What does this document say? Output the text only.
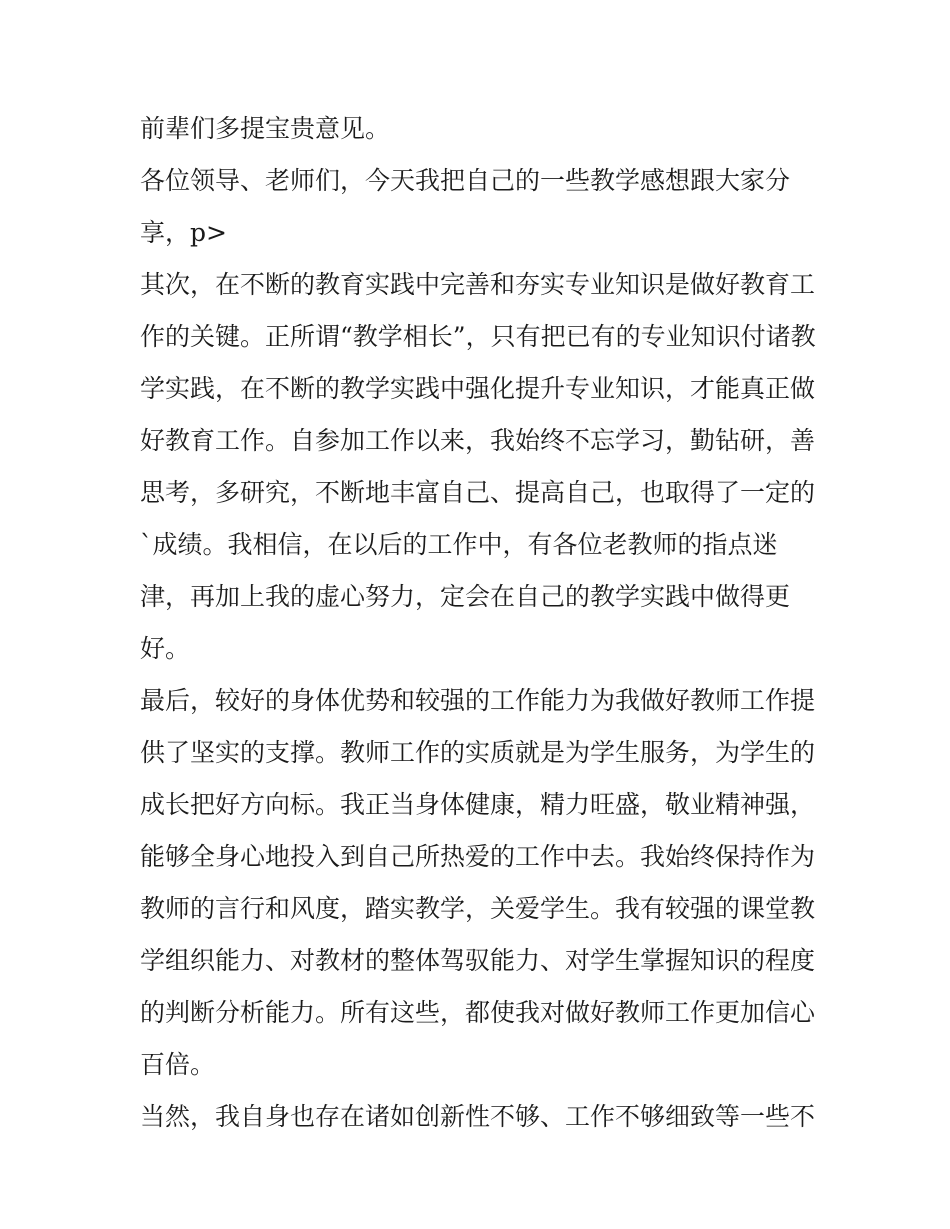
前辈们多提宝贵意见。
各位领导、老师们，今天我把自己的一些教学感想跟大家分
享，p>
其次，在不断的教育实践中完善和夯实专业知识是做好教育工
作的关键。正所谓“教学相长”，只有把已有的专业知识付诸教
学实践，在不断的教学实践中强化提升专业知识，才能真正做
好教育工作。自参加工作以来，我始终不忘学习，勤钻研，善
思考，多研究，不断地丰富自己、提高自己，也取得了一定的
`成绩。我相信，在以后的工作中，有各位老教师的指点迷
津，再加上我的虚心努力，定会在自己的教学实践中做得更
好。
最后，较好的身体优势和较强的工作能力为我做好教师工作提
供了坚实的支撑。教师工作的实质就是为学生服务，为学生的
成长把好方向标。我正当身体健康，精力旺盛，敬业精神强，
能够全身心地投入到自己所热爱的工作中去。我始终保持作为
教师的言行和风度，踏实教学，关爱学生。我有较强的课堂教
学组织能力、对教材的整体驾驭能力、对学生掌握知识的程度
的判断分析能力。所有这些，都使我对做好教师工作更加信心
百倍。
当然，我自身也存在诸如创新性不够、工作不够细致等一些不
